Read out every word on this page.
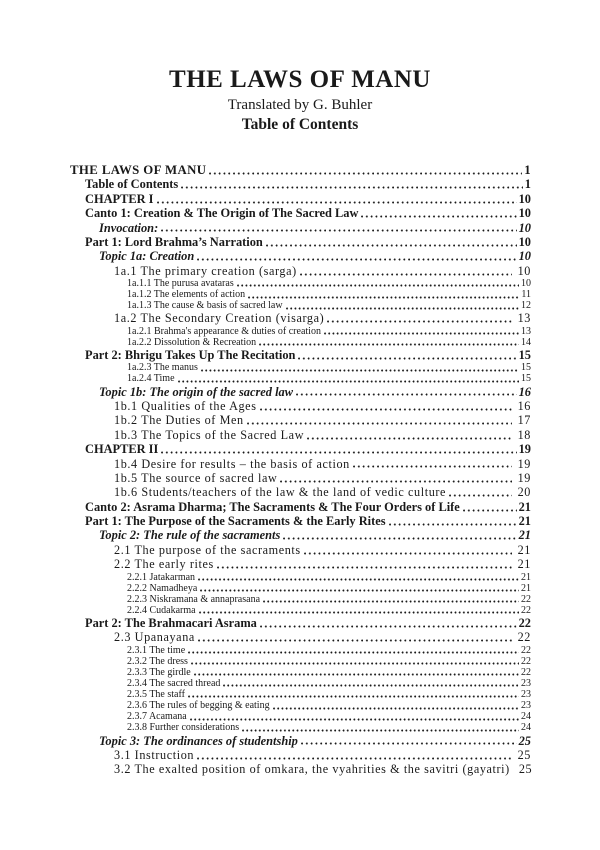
THE LAWS OF MANU
Translated by G. Buhler
Table of Contents
THE LAWS OF MANU	1
Table of Contents	1
CHAPTER I	10
Canto 1: Creation & The Origin of The Sacred Law	10
Invocation:	10
Part 1: Lord Brahma’s Narration	10
Topic 1a: Creation	10
1a.1 The primary creation (sarga)	10
1a.1.1 The purusa avataras	10
1a.1.2 The elements of action	11
1a.1.3 The cause & basis of sacred law	12
1a.2 The Secondary Creation (visarga)	13
1a.2.1 Brahma's appearance & duties of creation	13
1a.2.2 Dissolution & Recreation	14
Part 2: Bhrigu Takes Up The Recitation	15
1a.2.3 The manus	15
1a.2.4 Time	15
Topic 1b: The origin of the sacred law	16
1b.1 Qualities of the Ages	16
1b.2 The Duties of Men	17
1b.3 The Topics of the Sacred Law	18
CHAPTER II	19
1b.4 Desire for results – the basis of action	19
1b.5 The source of sacred law	19
1b.6 Students/teachers of the law & the land of vedic culture	20
Canto 2: Asrama Dharma; The Sacraments & The Four Orders of Life	21
Part 1: The Purpose of the Sacraments & the Early Rites	21
Topic 2: The rule of the sacraments	21
2.1 The purpose of the sacraments	21
2.2 The early rites	21
2.2.1 Jatakarman	21
2.2.2 Namadheya	21
2.2.3 Niskramana & annaprasana	22
2.2.4 Cudakarma	22
Part 2: The Brahmacari Asrama	22
2.3 Upanayana	22
2.3.1 The time	22
2.3.2 The dress	22
2.3.3 The girdle	22
2.3.4 The sacred thread	23
2.3.5 The staff	23
2.3.6 The rules of begging & eating	23
2.3.7 Acamana	24
2.3.8 Further considerations	24
Topic 3: The ordinances of studentship	25
3.1 Instruction	25
3.2 The exalted position of omkara, the vyahrities & the savitri (gayatri) 25
